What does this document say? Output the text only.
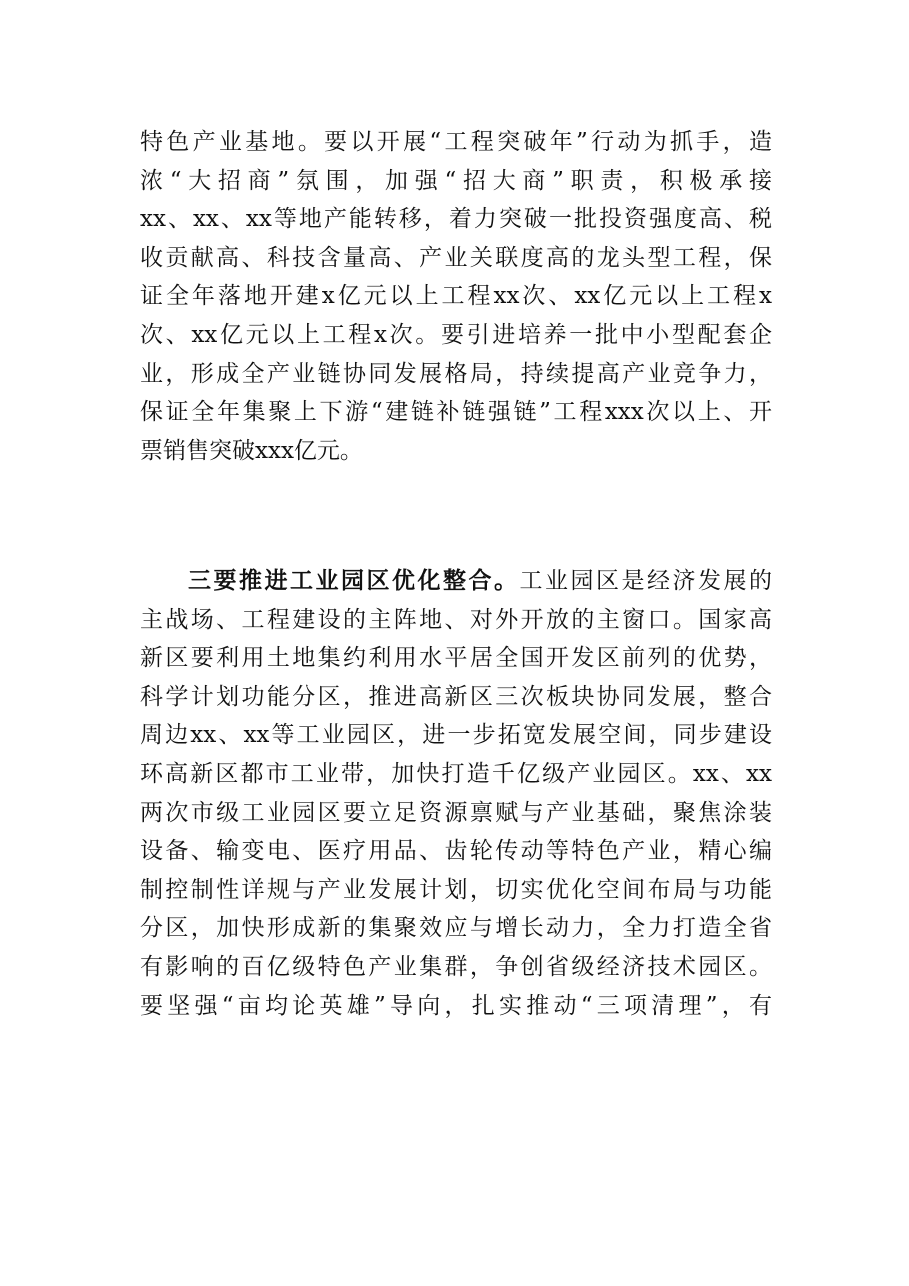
特色产业基地。要以开展“工程突破年”行动为抓手，造
浓“大招商”氛围，加强“招大商”职责，积极承接
xx、xx、xx等地产能转移，着力突破一批投资强度高、税
收贡献高、科技含量高、产业关联度高的龙头型工程，保
证全年落地开建x亿元以上工程xx次、xx亿元以上工程x
次、xx亿元以上工程x次。要引进培养一批中小型配套企
业，形成全产业链协同发展格局，持续提高产业竞争力，
保证全年集聚上下游“建链补链强链”工程xxx次以上、开
票销售突破xxx亿元。
三要推进工业园区优化整合。工业园区是经济发展的
主战场、工程建设的主阵地、对外开放的主窗口。国家高
新区要利用土地集约利用水平居全国开发区前列的优势，
科学计划功能分区，推进高新区三次板块协同发展，整合
周边xx、xx等工业园区，进一步拓宽发展空间，同步建设
环高新区都市工业带，加快打造千亿级产业园区。xx、xx
两次市级工业园区要立足资源禀赋与产业基础，聚焦涂装
设备、输变电、医疗用品、齿轮传动等特色产业，精心编
制控制性详规与产业发展计划，切实优化空间布局与功能
分区，加快形成新的集聚效应与增长动力，全力打造全省
有影响的百亿级特色产业集群，争创省级经济技术园区。
要坚强“亩均论英雄”导向，扎实推动“三项清理”，有
